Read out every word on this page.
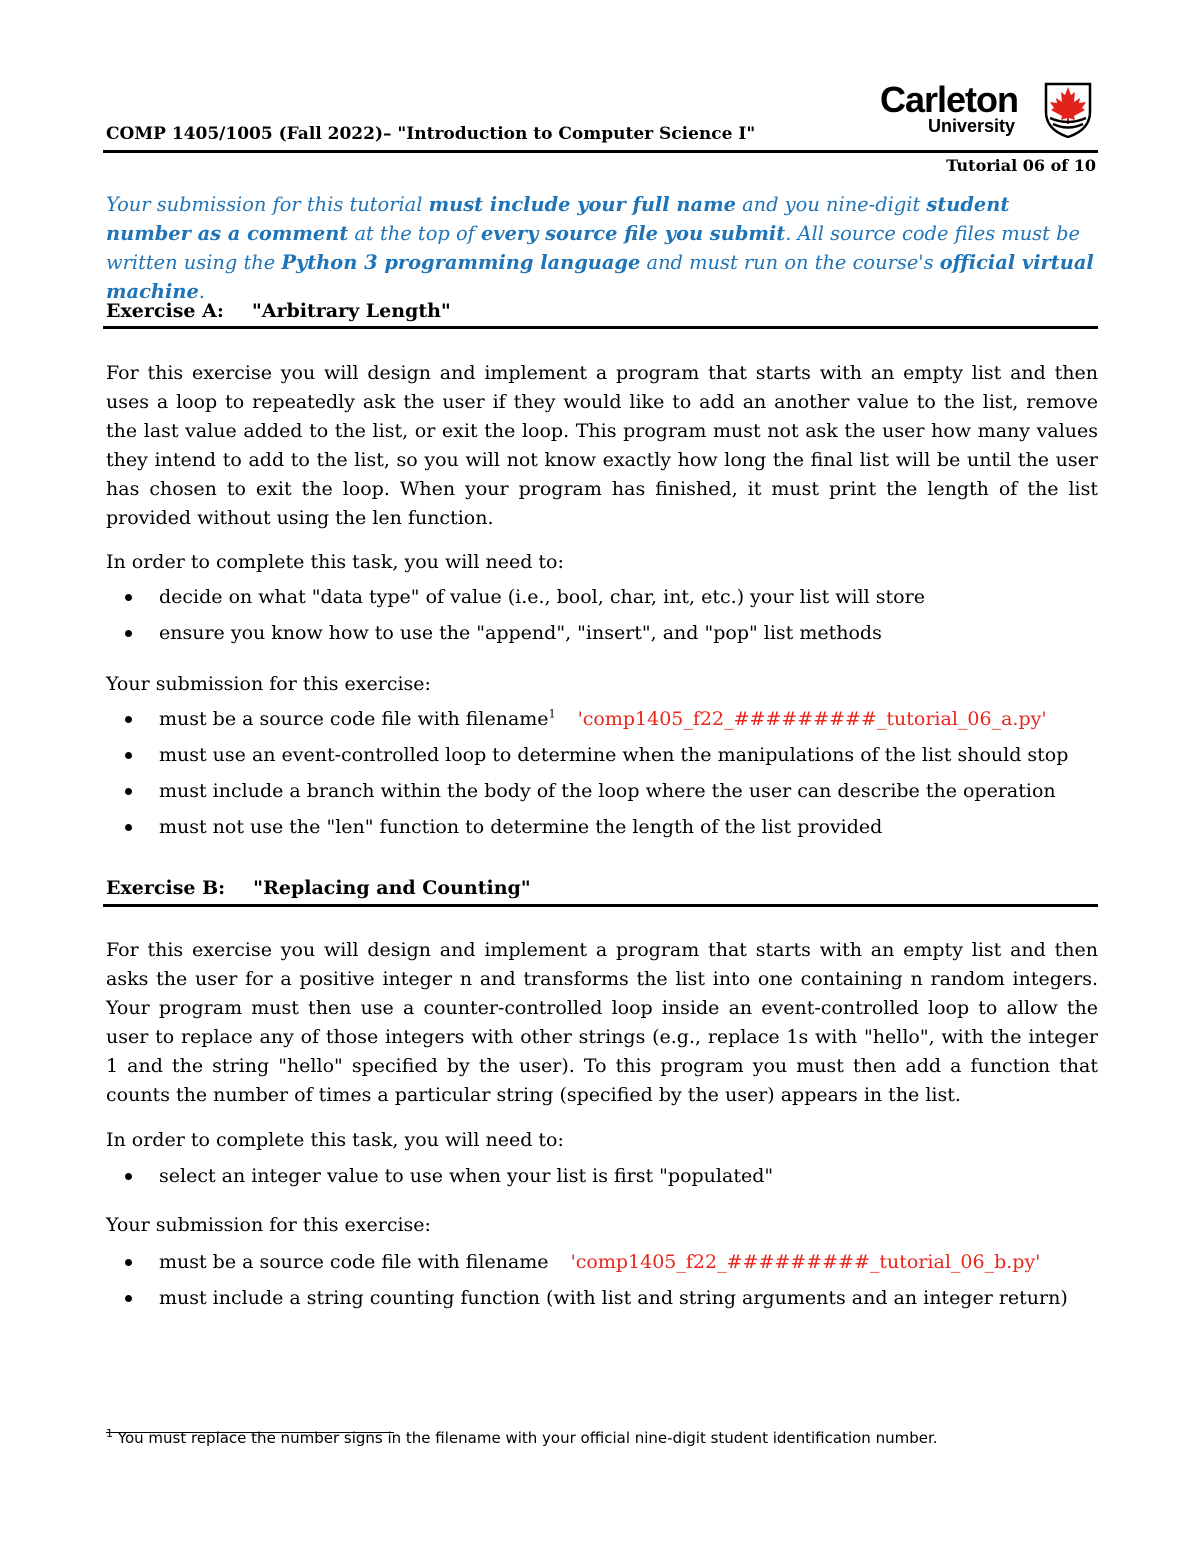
COMP 1405/1005 (Fall 2022)– "Introduction to Computer Science I"
Carleton
University
Tutorial 06 of 10
Your submission for this tutorial must include your full name and you nine-digit student number as a comment at the top of every source file you submit. All source code files must be written using the Python 3 programming language and must run on the course's official virtual machine.
Exercise A: "Arbitrary Length"
For this exercise you will design and implement a program that starts with an empty list and then uses a loop to repeatedly ask the user if they would like to add an another value to the list, remove the last value added to the list, or exit the loop. This program must not ask the user how many values they intend to add to the list, so you will not know exactly how long the final list will be until the user has chosen to exit the loop. When your program has finished, it must print the length of the list provided without using the len function.
In order to complete this task, you will need to:
decide on what "data type" of value (i.e., bool, char, int, etc.) your list will store
ensure you know how to use the "append", "insert", and "pop" list methods
Your submission for this exercise:
must be a source code file with filename$^1$ 'comp1405_f22_#########_tutorial_06_a.py'
must use an event-controlled loop to determine when the manipulations of the list should stop
must include a branch within the body of the loop where the user can describe the operation
must not use the "len" function to determine the length of the list provided
Exercise B: "Replacing and Counting"
For this exercise you will design and implement a program that starts with an empty list and then asks the user for a positive integer n and transforms the list into one containing n random integers. Your program must then use a counter-controlled loop inside an event-controlled loop to allow the user to replace any of those integers with other strings (e.g., replace 1s with "hello", with the integer 1 and the string "hello" specified by the user). To this program you must then add a function that counts the number of times a particular string (specified by the user) appears in the list.
In order to complete this task, you will need to:
select an integer value to use when your list is first "populated"
Your submission for this exercise:
must be a source code file with filename 'comp1405_f22_#########_tutorial_06_b.py'
must include a string counting function (with list and string arguments and an integer return)
$^1$ You must replace the number signs in the filename with your official nine-digit student identification number.
